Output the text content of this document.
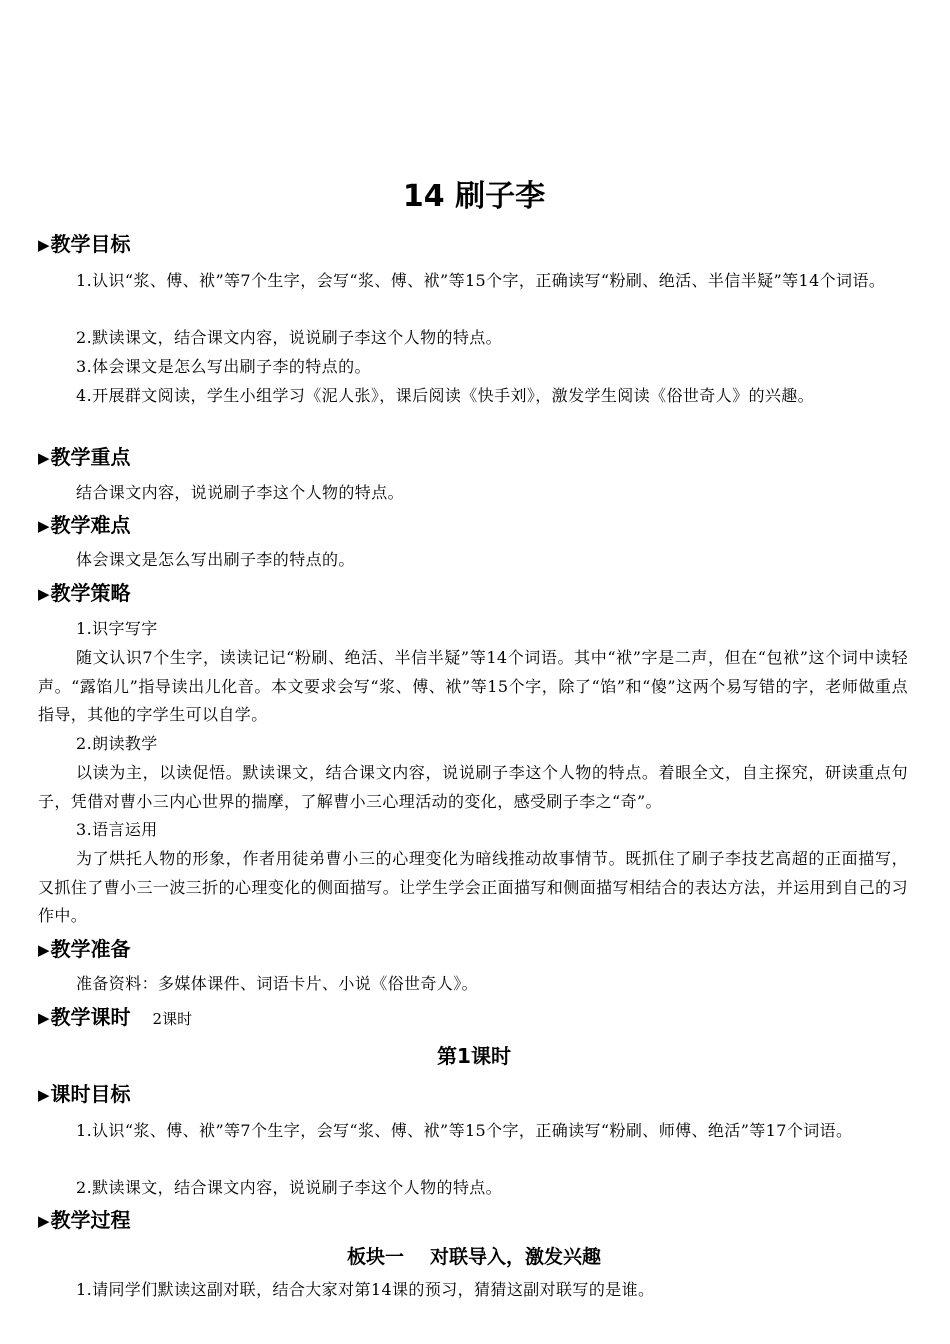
14 刷子李
▶教学目标
1.认识“浆、傅、袱”等7个生字，会写“浆、傅、袱”等15个字，正确读写“粉刷、绝活、半信半疑”等14个词语。
2.默读课文，结合课文内容，说说刷子李这个人物的特点。
3.体会课文是怎么写出刷子李的特点的。
4.开展群文阅读，学生小组学习《泥人张》，课后阅读《快手刘》，激发学生阅读《俗世奇人》的兴趣。
▶教学重点
结合课文内容，说说刷子李这个人物的特点。
▶教学难点
体会课文是怎么写出刷子李的特点的。
▶教学策略
1.识字写字
随文认识7个生字，读读记记“粉刷、绝活、半信半疑”等14个词语。其中“袱”字是二声，但在“包袱”这个词中读轻声。“露馅儿”指导读出儿化音。本文要求会写“浆、傅、袱”等15个字，除了“馅”和“傻”这两个易写错的字，老师做重点指导，其他的字学生可以自学。
2.朗读教学
以读为主，以读促悟。默读课文，结合课文内容，说说刷子李这个人物的特点。着眼全文，自主探究，研读重点句子，凭借对曹小三内心世界的揣摩，了解曹小三心理活动的变化，感受刷子李之“奇”。
3.语言运用
为了烘托人物的形象，作者用徒弟曹小三的心理变化为暗线推动故事情节。既抓住了刷子李技艺高超的正面描写，又抓住了曹小三一波三折的心理变化的侧面描写。让学生学会正面描写和侧面描写相结合的表达方法，并运用到自己的习作中。
▶教学准备
准备资料：多媒体课件、词语卡片、小说《俗世奇人》。
▶教学课时 2课时
第1课时
▶课时目标
1.认识“浆、傅、袱”等7个生字，会写“浆、傅、袱”等15个字，正确读写“粉刷、师傅、绝活”等17个词语。
2.默读课文，结合课文内容，说说刷子李这个人物的特点。
▶教学过程
板块一 对联导入，激发兴趣
1.请同学们默读这副对联，结合大家对第14课的预习，猜猜这副对联写的是谁。
